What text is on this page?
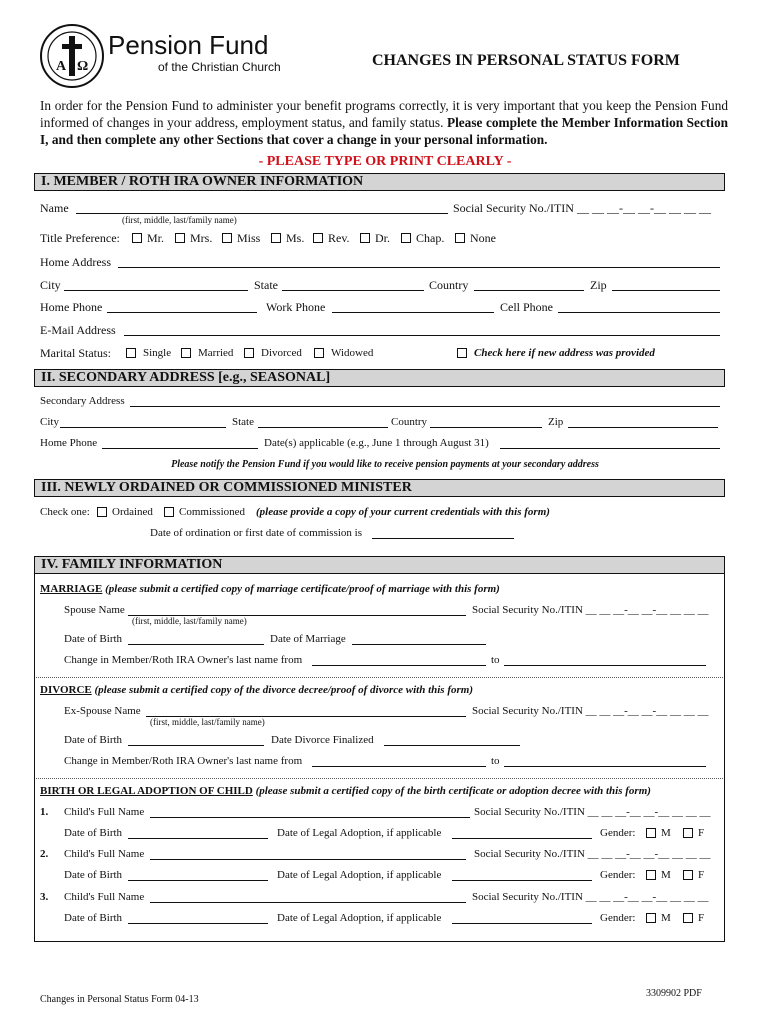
A Ω
Pension Fund
of the Christian Church	CHANGES IN PERSONAL STATUS FORM
In order for the Pension Fund to administer your benefit programs correctly, it is very important that you keep the Pension Fund informed of changes in your address, employment status, and family status. Please complete the Member Information Section I, and then complete any other Sections that cover a change in your personal information.
- PLEASE TYPE OR PRINT CLEARLY -
I. MEMBER / ROTH IRA OWNER INFORMATION
Name
(first, middle, last/family name)
Social Security No./ITIN __ __ __-__ __-__ __ __ __
Title Preference: Mr. Mrs. Miss Ms. Rev. Dr. Chap. None
Home Address
City	State	Country	Zip
Home Phone	Work Phone	Cell Phone
E-Mail Address
Marital Status:	Single Married	Divorced	Widowed	Check here if new address was provided
II. SECONDARY ADDRESS [e.g., SEASONAL]
Secondary Address
City	State	Country	Zip
Home Phone	Date(s) applicable (e.g., June 1 through August 31)
Please notify the Pension Fund if you would like to receive pension payments at your secondary address
III. NEWLY ORDAINED OR COMMISSIONED MINISTER
Check one: Ordained Commissioned (please provide a copy of your current credentials with this form)
Date of ordination or first date of commission is
IV. FAMILY INFORMATION
MARRIAGE (please submit a certified copy of marriage certificate/proof of marriage with this form)
Spouse Name
(first, middle, last/family name)
Social Security No./ITIN __ __ __-__ __-__ __ __ __
Date of Birth	Date of Marriage
Change in Member/Roth IRA Owner's last name from	to
DIVORCE (please submit a certified copy of the divorce decree/proof of divorce with this form)
Ex-Spouse Name
(first, middle, last/family name)
Social Security No./ITIN __ __ __-__ __-__ __ __ __
Date of Birth	Date Divorce Finalized
Change in Member/Roth IRA Owner's last name from	to
BIRTH OR LEGAL ADOPTION OF CHILD (please submit a certified copy of the birth certificate or adoption decree with this form)
1. Child's Full Name	Social Security No./ITIN __ __ __-__ __-__ __ __ __
Date of Birth	Date of Legal Adoption, if applicable	Gender: M F
2. Child's Full Name	Social Security No./ITIN __ __ __-__ __-__ __ __ __
Date of Birth	Date of Legal Adoption, if applicable	Gender: M F
3. Child's Full Name	Social Security No./ITIN __ __ __-__ __-__ __ __ __
Date of Birth	Date of Legal Adoption, if applicable	Gender: M F
Changes in Personal Status Form 04-13
3309902 PDF
